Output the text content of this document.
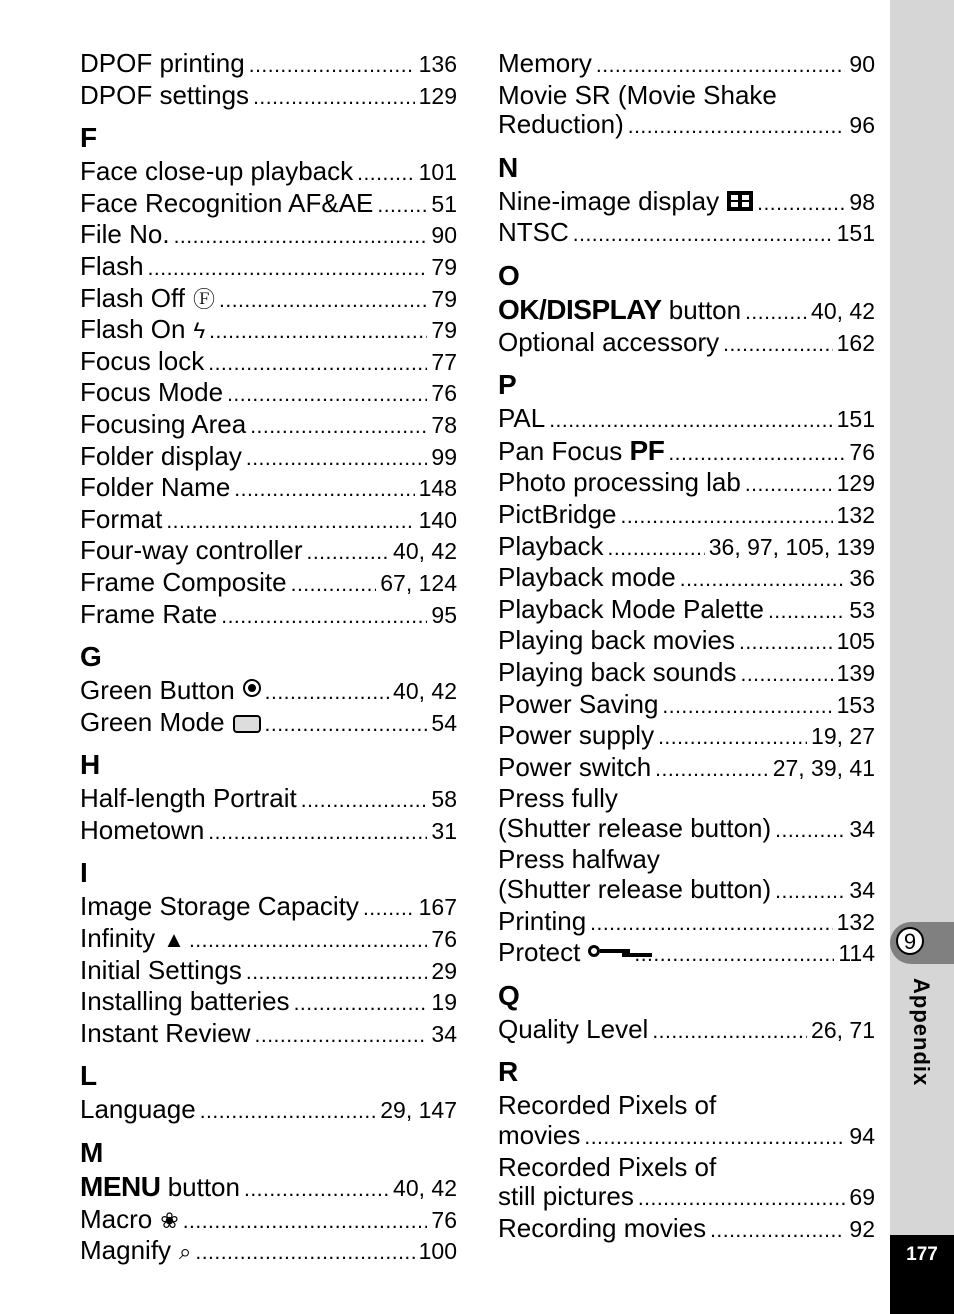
DPOF printing .....	136
DPOF settings .....	129
F
Face close-up playback .....	101
Face Recognition AF&AE .....	51
File No. .....	90
Flash .....	79
Flash Off Ⓕ .....	79
Flash On ϟ .....	79
Focus lock .....	77
Focus Mode .....	76
Focusing Area .....	78
Folder display .....	99
Folder Name .....	148
Format .....	140
Four-way controller .....	40, 42
Frame Composite .....	67, 124
Frame Rate .....	95
G
Green Button .....	40, 42
Green Mode .....	54
H
Half-length Portrait .....	58
Hometown .....	31
I
Image Storage Capacity .....	167
Infinity ▲ .....	76
Initial Settings .....	29
Installing batteries .....	19
Instant Review .....	34
L
Language .....	29, 147
M
MENU button .....	40, 42
Macro ❀ .....	76
Magnify ⌕ .....	100
Memory .....	90
Movie SR (Movie Shake
Reduction) .....	96
N
Nine-image display .....	98
NTSC .....	151
O
OK/DISPLAY button .....	40, 42
Optional accessory .....	162
P
PAL .....	151
Pan Focus PF .....	76
Photo processing lab .....	129
PictBridge .....	132
Playback .....	36, 97, 105, 139
Playback mode .....	36
Playback Mode Palette .....	53
Playing back movies .....	105
Playing back sounds .....	139
Power Saving .....	153
Power supply .....	19, 27
Power switch .....	27, 39, 41
Press fully
(Shutter release button) .....	34
Press halfway
(Shutter release button) .....	34
Printing .....	132
Protect .....	114
Q
Quality Level .....	26, 71
R
Recorded Pixels of
movies .....	94
Recorded Pixels of
still pictures .....	69
Recording movies .....	92
9
Appendix
177
